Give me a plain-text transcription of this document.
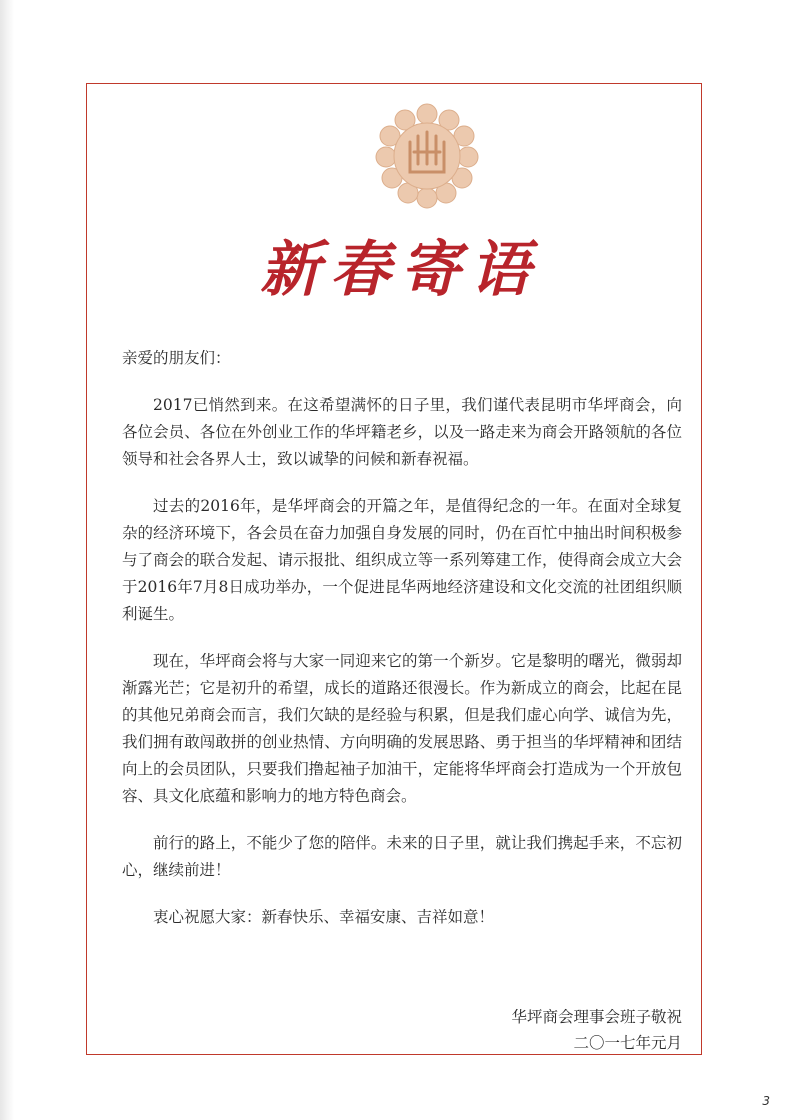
新春寄语

亲爱的朋友们：

2017已悄然到来。在这希望满怀的日子里，我们谨代表昆明市华坪商会，向各位会员、各位在外创业工作的华坪籍老乡，以及一路走来为商会开路领航的各位领导和社会各界人士，致以诚挚的问候和新春祝福。

过去的2016年，是华坪商会的开篇之年，是值得纪念的一年。在面对全球复杂的经济环境下，各会员在奋力加强自身发展的同时，仍在百忙中抽出时间积极参与了商会的联合发起、请示报批、组织成立等一系列筹建工作，使得商会成立大会于2016年7月8日成功举办，一个促进昆华两地经济建设和文化交流的社团组织顺利诞生。

现在，华坪商会将与大家一同迎来它的第一个新岁。它是黎明的曙光，微弱却渐露光芒；它是初升的希望，成长的道路还很漫长。作为新成立的商会，比起在昆的其他兄弟商会而言，我们欠缺的是经验与积累，但是我们虚心向学、诚信为先，我们拥有敢闯敢拼的创业热情、方向明确的发展思路、勇于担当的华坪精神和团结向上的会员团队，只要我们撸起袖子加油干，定能将华坪商会打造成为一个开放包容、具文化底蕴和影响力的地方特色商会。

前行的路上，不能少了您的陪伴。未来的日子里，就让我们携起手来，不忘初心，继续前进！

衷心祝愿大家：新春快乐、幸福安康、吉祥如意！

华坪商会理事会班子敬祝
二〇一七年元月
3
